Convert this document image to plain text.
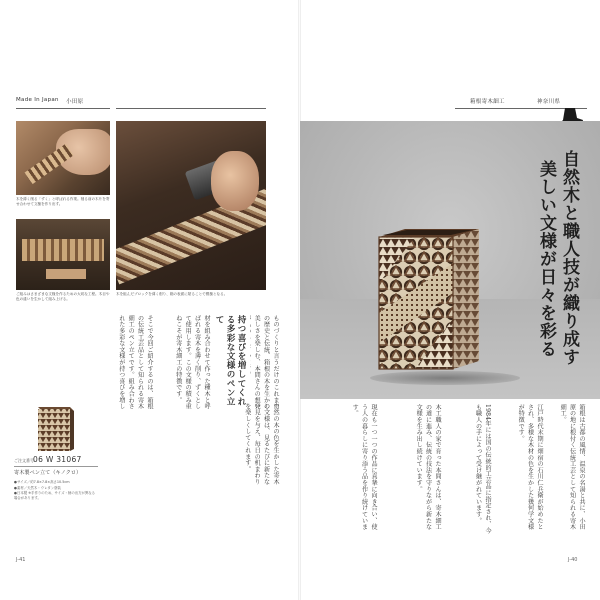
Made In Japan 小田原
木を薄く削る「ずく」と呼ばれる作業。削る前の木片を寄せ合わせて文様を作り出す。
ご組みはさまざまな文様を作るための大切な工程。木目や色の違いを生かして組み上げる。
木を組んだブロックを薄く削り、箱の表面に貼ることで模様となる。
ものづくりと言うだけのこれまでの歴史と伝統、箱根の木を生かし美しさを楽しむ、本間さんの想い
持つ喜びを増してくれる多彩な文様のペン立て
材を組み合わせて作った種木と呼ばれる寄木を薄く削り、ずくとして使用します。この文様の積み重ねこそが寄木細工の特徴です。
そこで今回ご紹介するのは、箱根の伝統工芸品として知られる寄木細工のペン立てです。組み合わされた多彩な文様が持つ喜びを増し	自然の木の色を生かした寄木の文様は、見るたびに新たな発見を与え、毎日の机まわりを楽しくしてくれます。
ご注文番号 06 W 31067
寄木製ペン立て（キノクロ）
●サイズ／約7.8×7.8×高さ10.5cm
●素材／天然木・ウレタン塗装
●日本製 ※手作りのため、サイズ・柄の出方が異なる場合があります。
J-41
箱根寄木細工	神奈川県
自然木と職人技が織り成す
美しい文様が日々を彩る
箱根は古都の風情、温泉の名湯と共に、小田原の地に根付く伝統工芸として知られる寄木細工。
江戸時代末期に畑宿の石川仁兵衛が始めたとされ、多様な木材の色を生かした幾何学文様が特徴です。
1984年には国の伝統的工芸品に指定され、今も職人の手によって受け継がれています。
木工職人の家で育った本間さんは、寄木細工の道に進み、伝統の技法を守りながら新たな文様を生み出し続けています。
現在も一つ一つの作品に真摯に向き合い、使う人の暮らしに寄り添う品を作り続けています。
J-40
